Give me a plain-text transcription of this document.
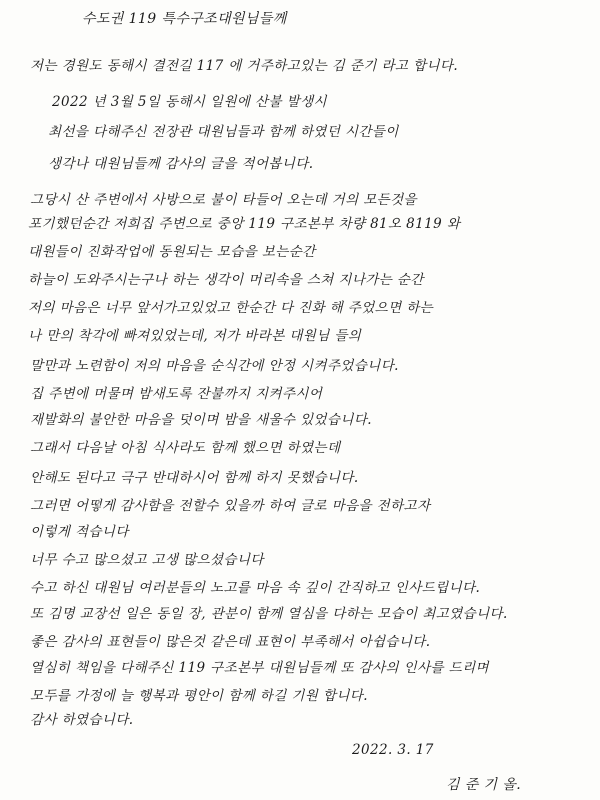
수도권 119 특수구조대원님들께
저는 경원도 동해시 결전길 117 에 거주하고있는 김 준기 라고 합니다.
2022 년 3월 5일 동해시 일원에 산불 발생시
최선을 다해주신 전장관 대원님들과 함께 하였던 시간들이
생각나 대원님들께 감사의 글을 적어봅니다.
그당시 산 주변에서 사방으로 불이 타들어 오는데 거의 모든것을
포기했던순간 저희집 주변으로 중앙 119 구조본부 차량 81오 8119 와
대원들이 진화작업에 동원되는 모습을 보는순간
하늘이 도와주시는구나 하는 생각이 머리속을 스쳐 지나가는 순간
저의 마음은 너무 앞서가고있었고 한순간 다 진화 해 주었으면 하는
나 만의 착각에 빠져있었는데, 저가 바라본 대원님 들의
말만과 노련함이 저의 마음을 순식간에 안정 시켜주었습니다.
집 주변에 머물며 밤새도록 잔불까지 지켜주시어
재발화의 불안한 마음을 덧이며 밤을 새울수 있었습니다.
그래서 다음날 아침 식사라도 함께 했으면 하였는데
안해도 된다고 극구 반대하시어 함께 하지 못했습니다.
그러면 어떻게 감사함을 전할수 있을까 하여 글로 마음을 전하고자
이렇게 적습니다
너무 수고 많으셨고 고생 많으셨습니다
수고 하신 대원님 여러분들의 노고를 마음 속 깊이 간직하고 인사드립니다.
또 김명 교장선 일은 동일 장, 관분이 함께 열심을 다하는 모습이 최고였습니다.
좋은 감사의 표현들이 많은것 같은데 표현이 부족해서 아쉽습니다.
열심히 책임을 다해주신 119 구조본부 대원님들께 또 감사의 인사를 드리며
모두를 가정에 늘 행복과 평안이 함께 하길 기원 합니다.
감사 하였습니다.
2022. 3. 17
김 준 기 올.
